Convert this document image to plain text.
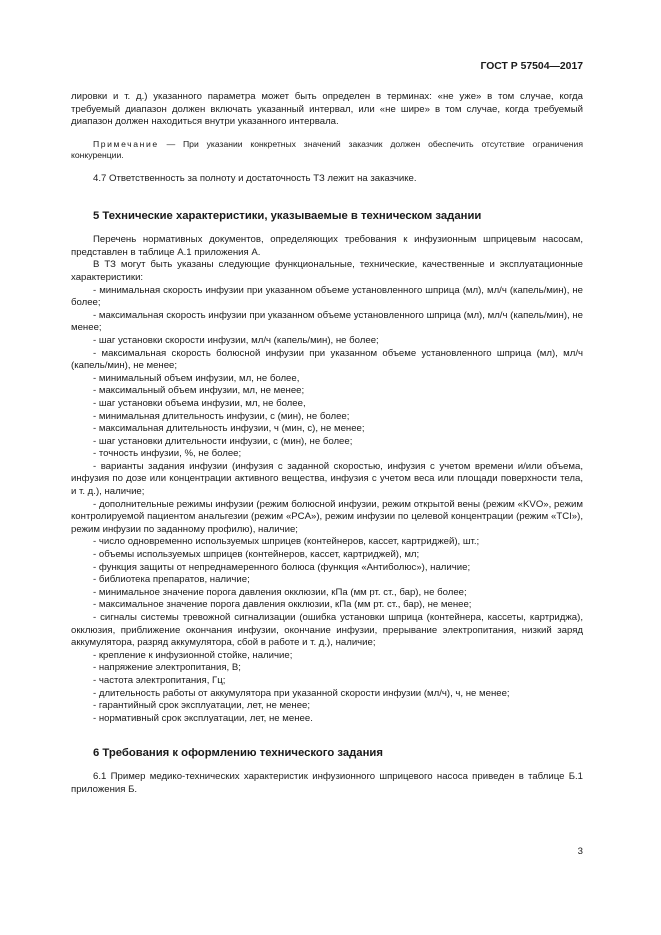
ГОСТ Р 57504—2017

лировки и т. д.) указанного параметра может быть определен в терминах: «не уже» в том случае, когда требуемый диапазон должен включать указанный интервал, или «не шире» в том случае, когда требуемый диапазон должен находиться внутри указанного интервала.

Примечание — При указании конкретных значений заказчик должен обеспечить отсутствие ограничения конкуренции.

4.7 Ответственность за полноту и достаточность ТЗ лежит на заказчике.

5 Технические характеристики, указываемые в техническом задании

Перечень нормативных документов, определяющих требования к инфузионным шприцевым насосам, представлен в таблице А.1 приложения А.

В ТЗ могут быть указаны следующие функциональные, технические, качественные и эксплуатационные характеристики:

- минимальная скорость инфузии при указанном объеме установленного шприца (мл), мл/ч (капель/мин), не более;

- максимальная скорость инфузии при указанном объеме установленного шприца (мл), мл/ч (капель/мин), не менее;

- шаг установки скорости инфузии, мл/ч (капель/мин), не более;

- максимальная скорость болюсной инфузии при указанном объеме установленного шприца (мл), мл/ч (капель/мин), не менее;

- минимальный объем инфузии, мл, не более,

- максимальный объем инфузии, мл, не менее;

- шаг установки объема инфузии, мл, не более,

- минимальная длительность инфузии, с (мин), не более;

- максимальная длительность инфузии, ч (мин, с), не менее;

- шаг установки длительности инфузии, с (мин), не более;

- точность инфузии, %, не более;

- варианты задания инфузии (инфузия с заданной скоростью, инфузия с учетом времени и/или объема, инфузия по дозе или концентрации активного вещества, инфузия с учетом веса или площади поверхности тела, и т. д.), наличие;

- дополнительные режимы инфузии (режим болюсной инфузии, режим открытой вены (режим «KVO», режим контролируемой пациентом анальгезии (режим «PCA»), режим инфузии по целевой концентрации (режим «TCI»), режим инфузии по заданному профилю), наличие;

- число одновременно используемых шприцев (контейнеров, кассет, картриджей), шт.;

- объемы используемых шприцев (контейнеров, кассет, картриджей), мл;

- функция защиты от непреднамеренного болюса (функция «Антиболюс»), наличие;

- библиотека препаратов, наличие;

- минимальное значение порога давления окклюзии, кПа (мм рт. ст., бар), не более;

- максимальное значение порога давления окклюзии, кПа (мм рт. ст., бар), не менее;

- сигналы системы тревожной сигнализации (ошибка установки шприца (контейнера, кассеты, картриджа), окклюзия, приближение окончания инфузии, окончание инфузии, прерывание электропитания, низкий заряд аккумулятора, разряд аккумулятора, сбой в работе и т. д.), наличие;

- крепление к инфузионной стойке, наличие;

- напряжение электропитания, В;

- частота электропитания, Гц;

- длительность работы от аккумулятора при указанной скорости инфузии (мл/ч), ч, не менее;

- гарантийный срок эксплуатации, лет, не менее;

- нормативный срок эксплуатации, лет, не менее.

6 Требования к оформлению технического задания

6.1 Пример медико-технических характеристик инфузионного шприцевого насоса приведен в таблице Б.1 приложения Б.

3
